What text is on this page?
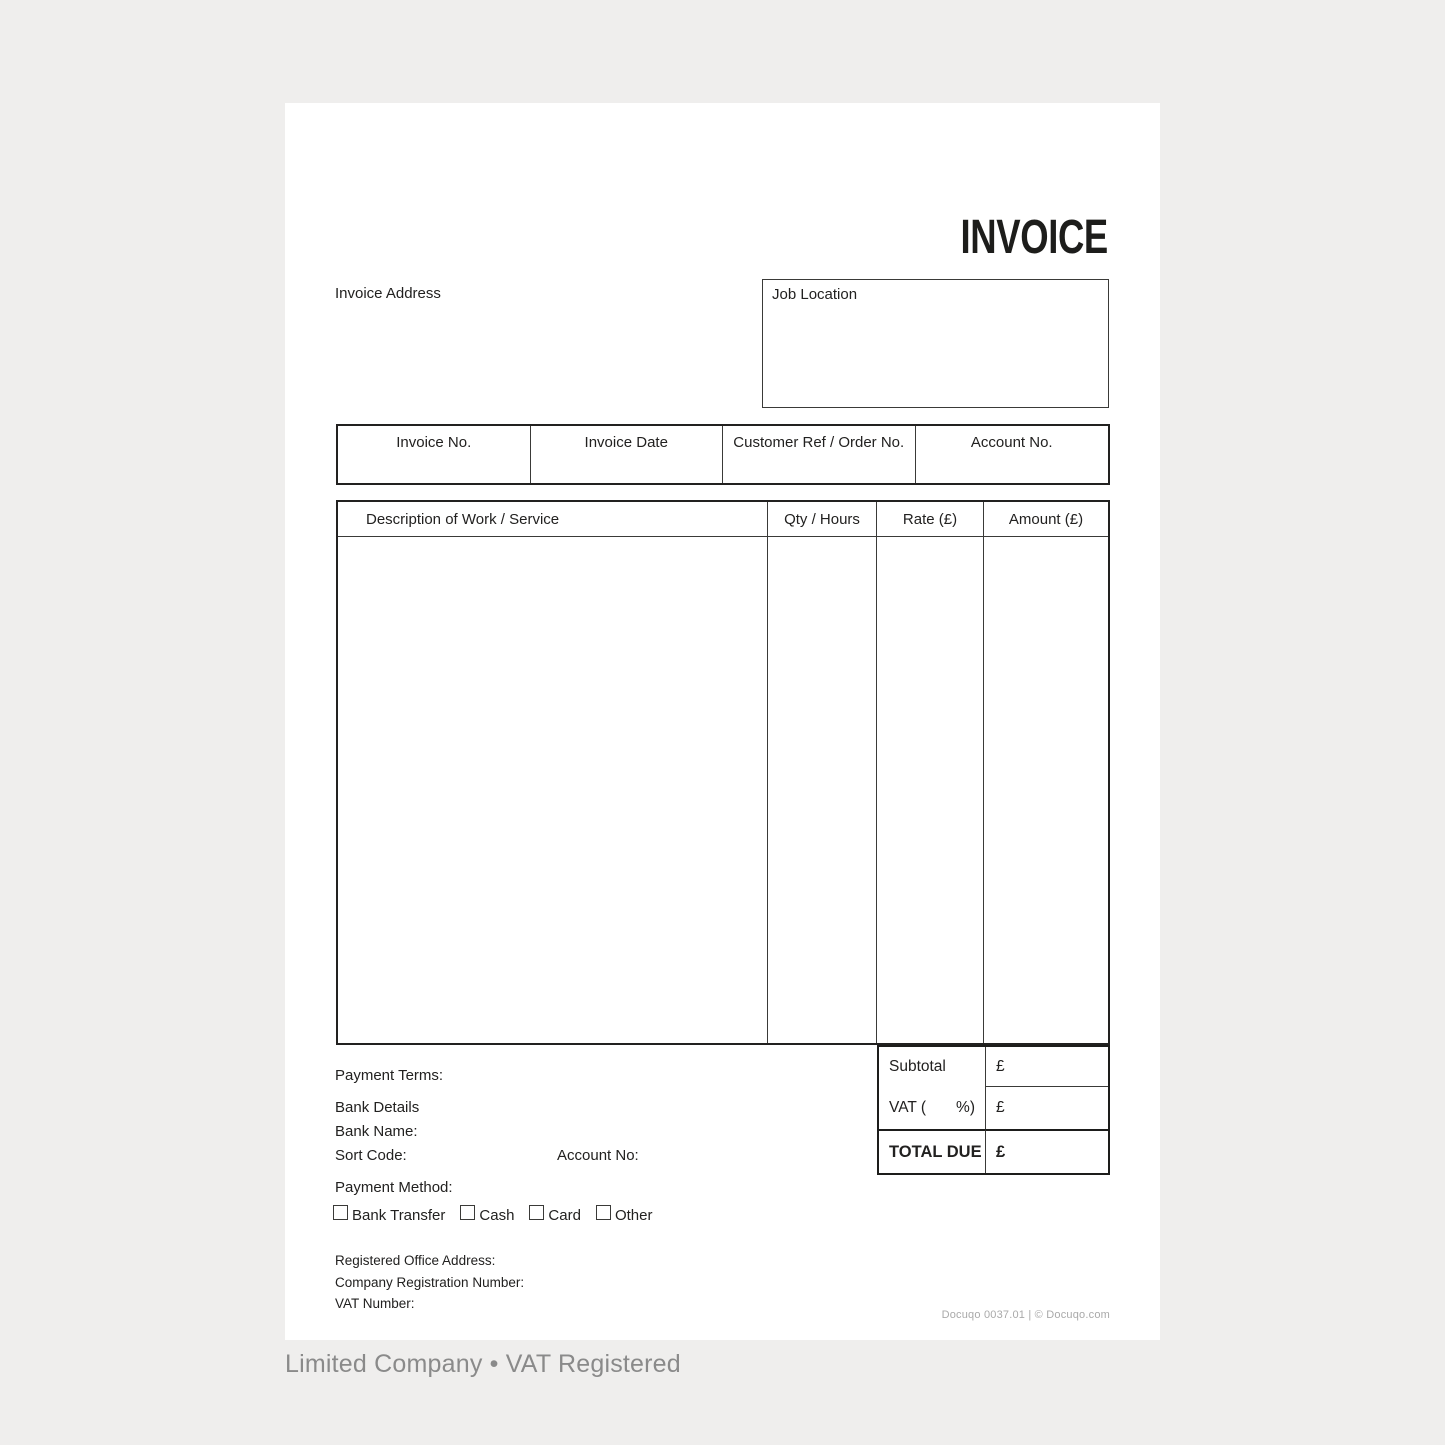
INVOICE
Invoice Address	Job Location
Invoice No.	Invoice Date	Customer Ref / Order No.	Account No.
Description of Work / Service	Qty / Hours	Rate (£)	Amount (£)
Subtotal	£
VAT ( %) £
TOTAL DUE £
Payment Terms:
Bank Details
Bank Name:
Sort Code:	Account No:
Payment Method:
Bank Transfer Cash Card Other
Registered Office Address:
Company Registration Number:
VAT Number:
Docuqo 0037.01 | © Docuqo.com
Limited Company • VAT Registered
